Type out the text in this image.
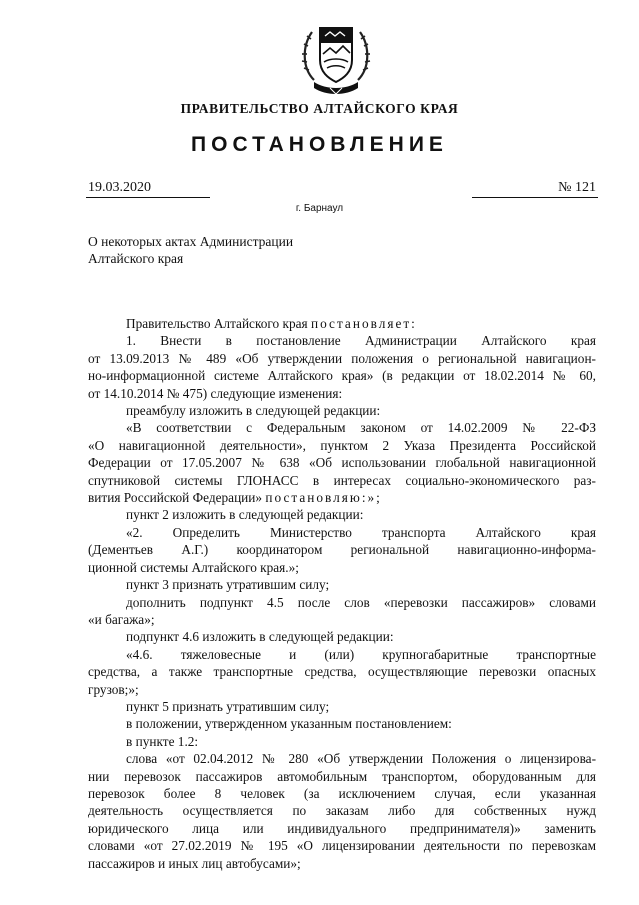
ПРАВИТЕЛЬСТВО АЛТАЙСКОГО КРАЯ
ПОСТАНОВЛЕНИЕ
19.03.2020	№ 121
г. Барнаул
О некоторых актах Администрации Алтайского края

Правительство Алтайского края постановляет:

1. Внести в постановление Администрации Алтайского края

от 13.09.2013 № 489 «Об утверждении положения о региональной навигацион-

но-информационной системе Алтайского края» (в редакции от 18.02.2014 № 60,

от 14.10.2014 № 475) следующие изменения:

преамбулу изложить в следующей редакции:

«В соответствии с Федеральным законом от 14.02.2009 № 22-ФЗ

«О навигационной деятельности», пунктом 2 Указа Президента Российской

Федерации от 17.05.2007 № 638 «Об использовании глобальной навигационной

спутниковой системы ГЛОНАСС в интересах социально-экономического раз-

вития Российской Федерации» постановляю:»;

пункт 2 изложить в следующей редакции:

«2. Определить Министерство транспорта Алтайского края

(Дементьев А.Г.) координатором региональной навигационно-информа-

ционной системы Алтайского края.»;

пункт 3 признать утратившим силу;

дополнить подпункт 4.5 после слов «перевозки пассажиров» словами

«и багажа»;

подпункт 4.6 изложить в следующей редакции:

«4.6. тяжеловесные и (или) крупногабаритные транспортные

средства, а также транспортные средства, осуществляющие перевозки опасных

грузов;»;

пункт 5 признать утратившим силу;

в положении, утвержденном указанным постановлением:

в пункте 1.2:

слова «от 02.04.2012 № 280 «Об утверждении Положения о лицензирова-

нии перевозок пассажиров автомобильным транспортом, оборудованным для

перевозок более 8 человек (за исключением случая, если указанная

деятельность осуществляется по заказам либо для собственных нужд

юридического лица или индивидуального предпринимателя)» заменить

словами «от 27.02.2019 № 195 «О лицензировании деятельности по перевозкам

пассажиров и иных лиц автобусами»;
